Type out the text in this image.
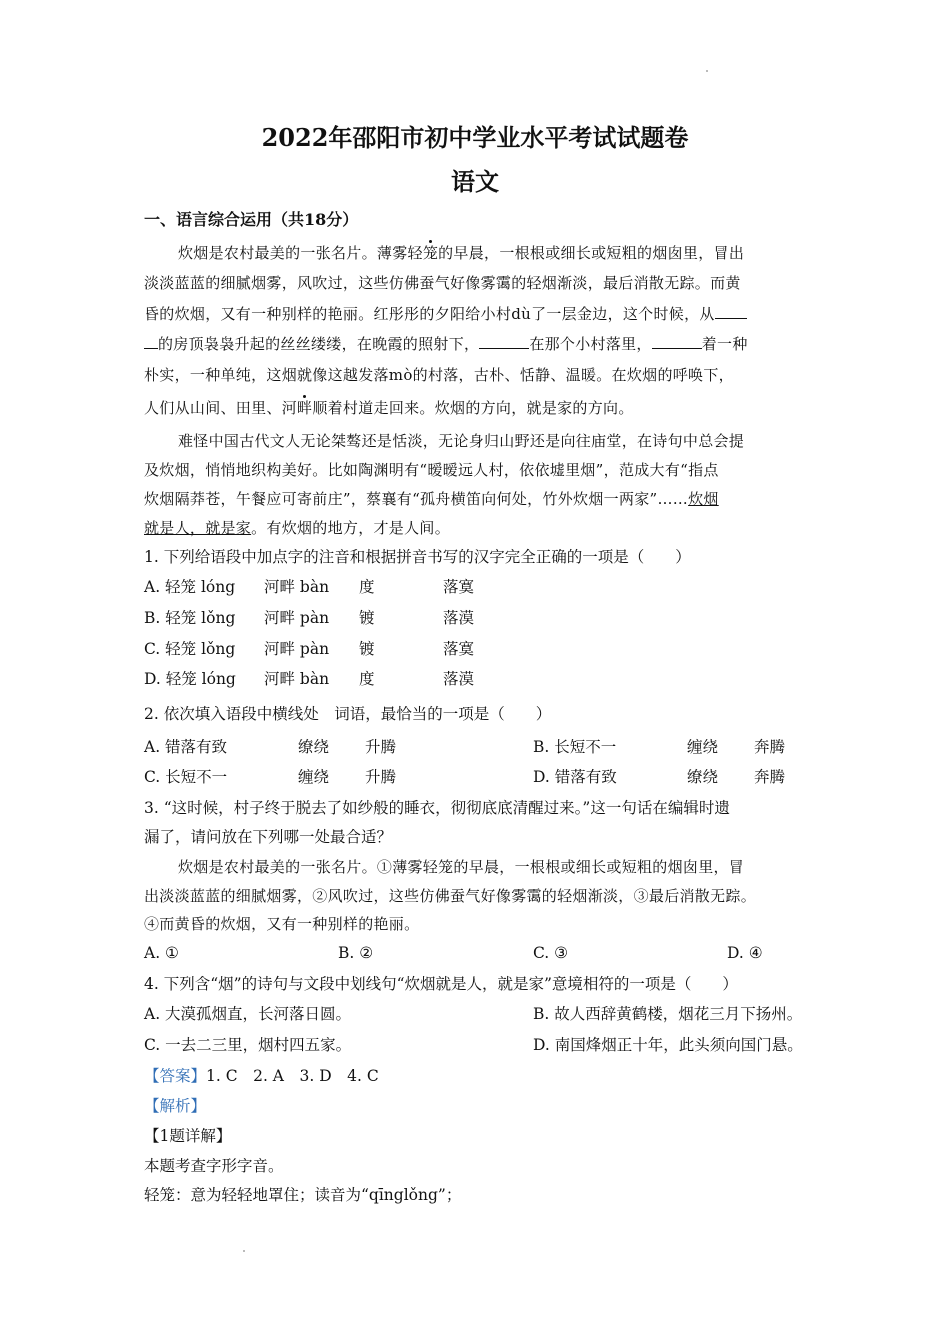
2022年邵阳市初中学业水平考试试题卷
语文
一、语言综合运用（共18分）
炊烟是农村最美的一张名片。薄雾轻笼的早晨，一根根或细长或短粗的烟囱里，冒出
淡淡蓝蓝的细腻烟雾，风吹过，这些仿佛蚕气好像雾霭的轻烟渐淡，最后消散无踪。而黄
昏的炊烟，又有一种别样的艳丽。红彤彤的夕阳给小村dù了一层金边，这个时候，从
的房顶袅袅升起的丝丝缕缕，在晚霞的照射下，	在那个小村落里，	着一种
朴实，一种单纯，这烟就像这越发落mò的村落，古朴、恬静、温暖。在炊烟的呼唤下，
人们从山间、田里、河畔顺着村道走回来。炊烟的方向，就是家的方向。
难怪中国古代文人无论桀骜还是恬淡，无论身归山野还是向往庙堂，在诗句中总会提
及炊烟，悄悄地织构美好。比如陶渊明有“暧暧远人村，依依墟里烟”，范成大有“指点
炊烟隔莽苍，午餐应可寄前庄”，蔡襄有“孤舟横笛向何处，竹外炊烟一两家”……炊烟
就是人，就是家。有炊烟的地方，才是人间。
1. 下列给语段中加点字的注音和根据拼音书写的汉字完全正确的一项是（　　）
A. 轻笼 lóng 河畔 bàn 度	落寞
B. 轻笼 lǒng 河畔 pàn 镀	落漠
C. 轻笼 lǒng 河畔 pàn 镀	落寞
D. 轻笼 lóng 河畔 bàn 度	落漠
2. 依次填入语段中横线处　词语，最恰当的一项是（　　）
A. 错落有致	缭绕 升腾	B. 长短不一	缠绕 奔腾
C. 长短不一	缠绕 升腾	D. 错落有致	缭绕 奔腾
3. “这时候，村子终于脱去了如纱般的睡衣，彻彻底底清醒过来。”这一句话在编辑时遗
漏了，请问放在下列哪一处最合适？
炊烟是农村最美的一张名片。①薄雾轻笼的早晨，一根根或细长或短粗的烟囱里，冒
出淡淡蓝蓝的细腻烟雾，②风吹过，这些仿佛蚕气好像雾霭的轻烟渐淡，③最后消散无踪。
④而黄昏的炊烟，又有一种别样的艳丽。
A. ①	B. ②	C. ③	D. ④
4. 下列含“烟”的诗句与文段中划线句“炊烟就是人，就是家”意境相符的一项是（　　）
A. 大漠孤烟直，长河落日圆。	B. 故人西辞黄鹤楼，烟花三月下扬州。
C. 一去二三里，烟村四五家。	D. 南国烽烟正十年，此头须向国门悬。
【答案】1. C　2. A　3. D　4. C
【解析】
【1题详解】
本题考查字形字音。
轻笼：意为轻轻地罩住；读音为“qīnglǒng”；
